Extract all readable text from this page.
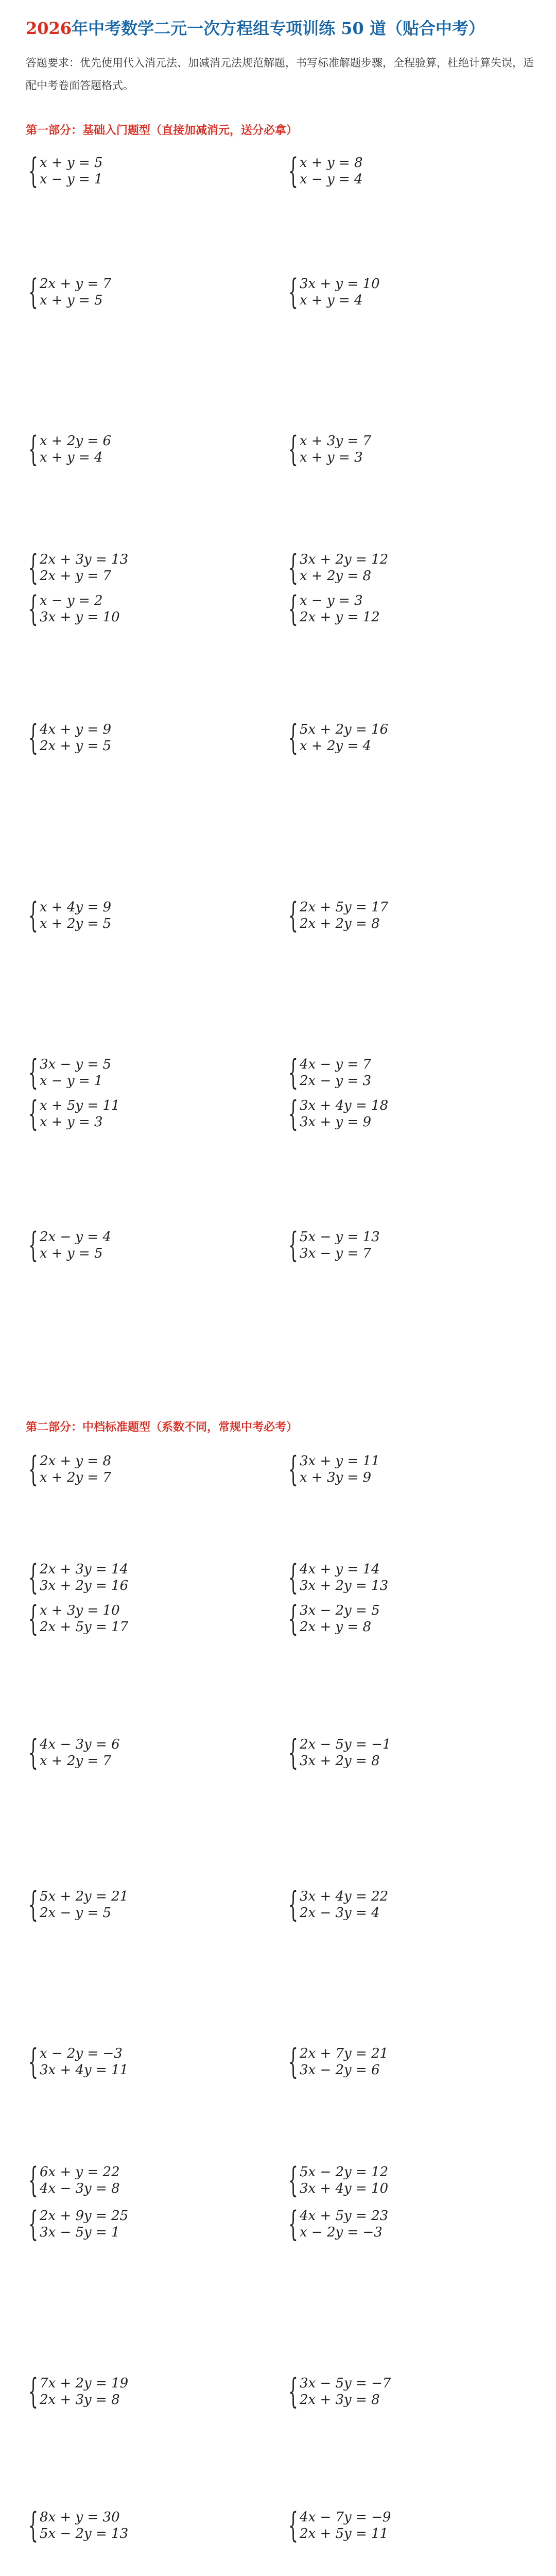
2026年中考数学二元一次方程组专项训练 50 道（贴合中考）
答题要求：优先使用代入消元法、加减消元法规范解题，书写标准解题步骤，全程验算，杜绝计算失误，适配中考卷面答题格式。
第一部分：基础入门题型（直接加减消元，送分必拿）
第二部分：中档标准题型（系数不同，常规中考必考）
{ x + y = 5
x − y = 1	{ x + y = 8
x − y = 4
{ 2x + y = 7
x + y = 5	{ 3x + y = 10
x + y = 4
{ x + 2y = 6
x + y = 4	{ x + 3y = 7
x + y = 3
{ 2x + 3y = 13
2x + y = 7	{ 3x + 2y = 12
x + 2y = 8
{ x − y = 2
3x + y = 10	{ x − y = 3
2x + y = 12
{ 4x + y = 9
2x + y = 5	{ 5x + 2y = 16
x + 2y = 4
{ x + 4y = 9
x + 2y = 5	{ 2x + 5y = 17
2x + 2y = 8
{ 3x − y = 5
x − y = 1	{ 4x − y = 7
2x − y = 3
{ x + 5y = 11
x + y = 3	{ 3x + 4y = 18
3x + y = 9
{ 2x − y = 4
x + y = 5	{ 5x − y = 13
3x − y = 7
{ 2x + y = 8
x + 2y = 7	{ 3x + y = 11
x + 3y = 9
{ 2x + 3y = 14
3x + 2y = 16	{ 4x + y = 14
3x + 2y = 13
{ x + 3y = 10
2x + 5y = 17	{ 3x − 2y = 5
2x + y = 8
{ 4x − 3y = 6
x + 2y = 7	{ 2x − 5y = −1
3x + 2y = 8
{ 5x + 2y = 21
2x − y = 5	{ 3x + 4y = 22
2x − 3y = 4
{ x − 2y = −3
3x + 4y = 11	{ 2x + 7y = 21
3x − 2y = 6
{ 6x + y = 22
4x − 3y = 8	{ 5x − 2y = 12
3x + 4y = 10
{ 2x + 9y = 25
3x − 5y = 1	{ 4x + 5y = 23
x − 2y = −3
{ 7x + 2y = 19
2x + 3y = 8	{ 3x − 5y = −7
2x + 3y = 8
{ 8x + y = 30
5x − 2y = 13	{ 4x − 7y = −9
2x + 5y = 11
